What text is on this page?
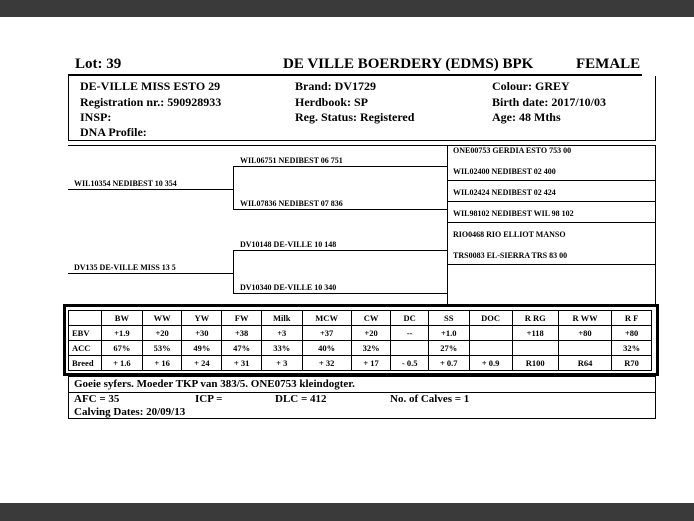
Lot: 39	DE VILLE BOERDERY (EDMS) BPK	FEMALE
DE-VILLE MISS ESTO 29
Registration nr.: 590928933
INSP:
DNA Profile:
Brand: DV1729
Herdbook: SP
Reg. Status: Registered
Colour: GREY
Birth date: 2017/10/03
Age: 48 Mths
WIL10354 NEDIBEST 10 354
DV135 DE-VILLE MISS 13 5
WIL06751 NEDIBEST 06 751
WIL07836 NEDIBEST 07 836
DV10148 DE-VILLE 10 148
DV10340 DE-VILLE 10 340
ONE00753 GERDIA ESTO 753 00
WIL02400 NEDIBEST 02 400
WIL02424 NEDIBEST 02 424
WIL98102 NEDIBEST WIL 98 102
RIO0468 RIO ELLIOT MANSO
TRS0083 EL-SIERRA TRS 83 00
	BW	WW	YW	FW	Milk	MCW	CW	DC	SS	DOC	R RG	R WW	R F
EBV	+1.9	+20	+30	+38	+3	+37	+20	--	+1.0		+118	+80	+80
ACC	67%	53%	49%	47%	33%	40%	32%		27%				32%
Breed	+ 1.6	+ 16	+ 24	+ 31	+ 3	+ 32	+ 17	- 0.5	+ 0.7	+ 0.9	R100	R64	R70
Goeie syfers. Moeder TKP van 383/5. ONE0753 kleindogter.
AFC = 35	ICP =	DLC = 412	No. of Calves = 1
Calving Dates: 20/09/13
